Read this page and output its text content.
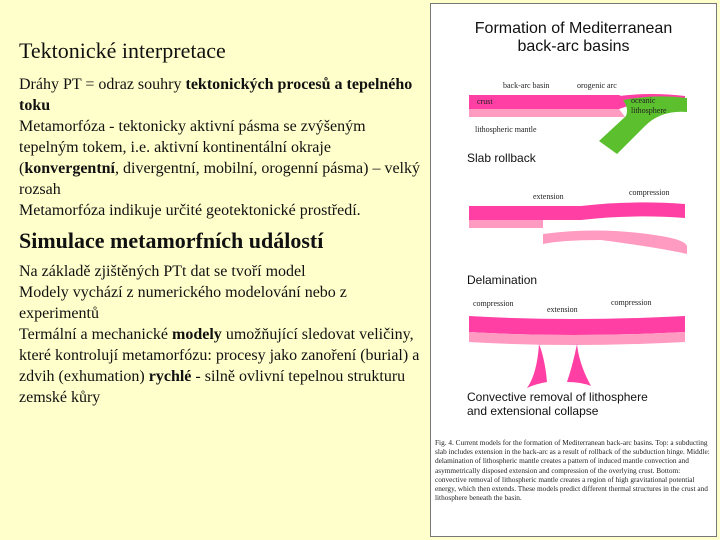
Tektonické interpretace

Dráhy PT = odraz souhry tektonických procesů a tepelného toku

Metamorfóza - tektonicky aktivní pásma se zvýšeným tepelným tokem, i.e. aktivní kontinentální okraje (konvergentní, divergentní, mobilní, orogenní pásma) – velký rozsah

Metamorfóza indikuje určité geotektonické prostředí.

Simulace metamorfních událostí

Na základě zjištěných PTt dat se tvoří model

Modely vychází z numerického modelování nebo z experimentů

Termální a mechanické modely umožňující sledovat veličiny, které kontrolují metamorfózu: procesy jako zanoření (burial) a zdvih (exhumation) rychlé - silně ovlivní tepelnou strukturu zemské kůry

Formation of Mediterranean
back-arc basins
back-arc basin	orogenic arc
crust	oceanic
lithosphere
lithospheric mantle
Slab rollback
extension	compression
Delamination
compression
extension
compression
Convective removal of lithosphere
and extensional collapse
Fig. 4. Current models for the formation of Mediterranean back-arc basins. Top: a subducting slab includes extension in the back-arc as a result of rollback of the subduction hinge. Middle: delamination of lithospheric mantle creates a pattern of induced mantle convection and asymmetrically disposed extension and compression of the overlying crust. Bottom: convective removal of lithospheric mantle creates a region of high gravitational potential energy, which then extends. These models predict different thermal structures in the crust and lithosphere beneath the basin.
